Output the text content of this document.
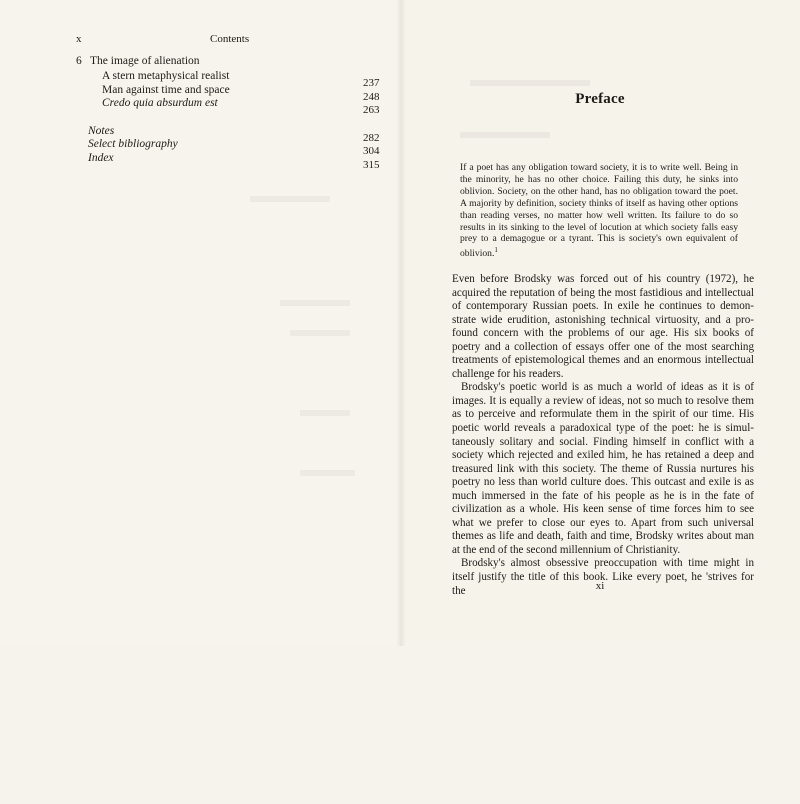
x	Contents
6 The image of alienation
A stern metaphysical realist
237
Man against time and space
248
Credo quia absurdum est
263
Notes
282
Select bibliography
304
Index
315
Preface
If a poet has any obligation toward society, it is to write well. Being in the minority, he has no other choice. Failing this duty, he sinks into oblivion. Society, on the other hand, has no obligation toward the poet. A majority by definition, society thinks of itself as having other options than reading verses, no matter how well written. Its failure to do so results in its sinking to the level of locution at which society falls easy prey to a demagogue or a tyrant. This is society's own equivalent of oblivion.$^1$

Even before Brodsky was forced out of his country (1972), he acquired the reputation of being the most fastidious and intellectual of contemporary Russian poets. In exile he continues to demon-strate wide erudition, astonishing technical virtuosity, and a pro-found concern with the problems of our age. His six books of poetry and a collection of essays offer one of the most searching treatments of epistemological themes and an enormous intellectual challenge for his readers.

Brodsky's poetic world is as much a world of ideas as it is of images. It is equally a review of ideas, not so much to resolve them as to perceive and reformulate them in the spirit of our time. His poetic world reveals a paradoxical type of the poet: he is simul-taneously solitary and social. Finding himself in conflict with a society which rejected and exiled him, he has retained a deep and treasured link with this society. The theme of Russia nurtures his poetry no less than world culture does. This outcast and exile is as much immersed in the fate of his people as he is in the fate of civilization as a whole. His keen sense of time forces him to see what we prefer to close our eyes to. Apart from such universal themes as life and death, faith and time, Brodsky writes about man at the end of the second millennium of Christianity.

Brodsky's almost obsessive preoccupation with time might in itself justify the title of this book. Like every poet, he 'strives for the	xi
